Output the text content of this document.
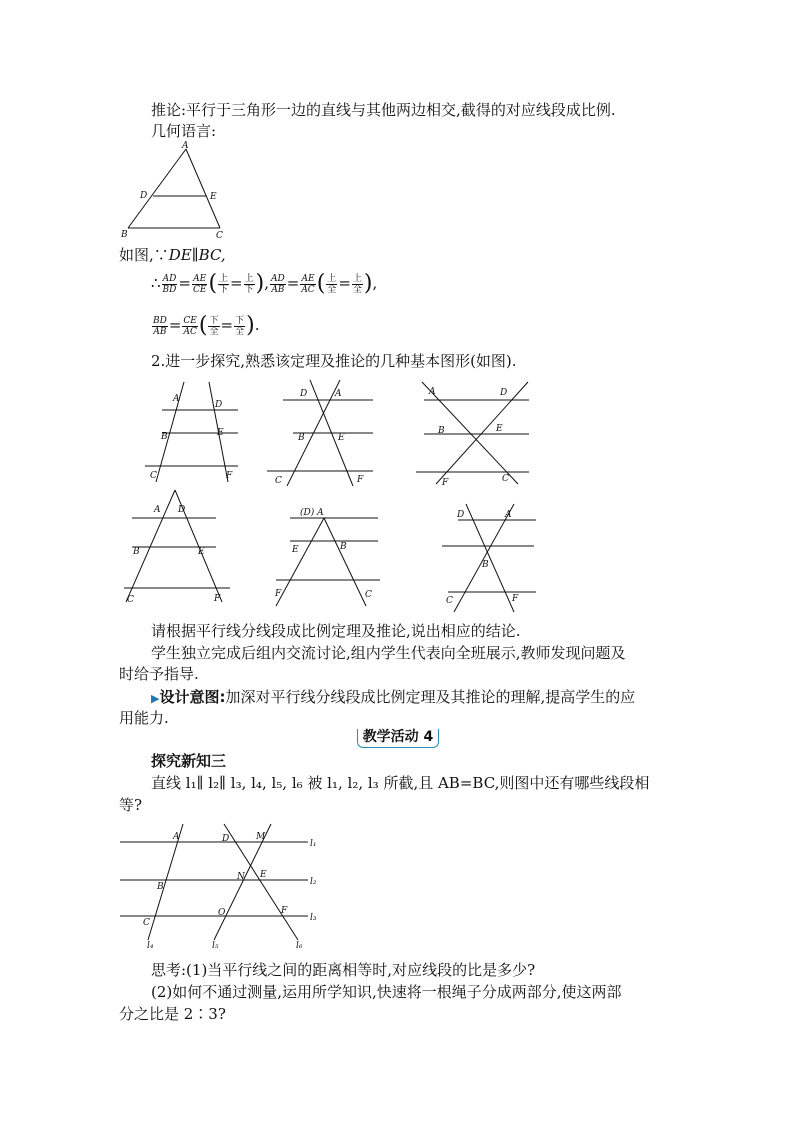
推论:平行于三角形一边的直线与其他两边相交,截得的对应线段成比例.
几何语言:
A
D	E
B	C
如图,∵DE∥BC,
∴ $\frac{AD}{BD} = \frac{AE}{CE}$ ( $\frac{\text{上}}{\text{下}} = \frac{\text{上}}{\text{下}}$ ), $\frac{AD}{AB} = \frac{AE}{AC}$ ( $\frac{\text{上}}{\text{全}} = \frac{\text{上}}{\text{全}}$ ),
$\frac{BD}{AB} = \frac{CE}{AC}$ ( $\frac{\text{下}}{\text{全}} = \frac{\text{下}}{\text{全}}$ ).
2.进一步探究,熟悉该定理及推论的几种基本图形(如图).
A
D
B	E
C	F
D	A
B	E
C	F
A	D
B	E
F	C
A D
B	E
C	F
(D) A
E	B
F	C
D	A
B
C	F
请根据平行线分线段成比例定理及推论,说出相应的结论.
学生独立完成后组内交流讨论,组内学生代表向全班展示,教师发现问题及
时给予指导.
▶设计意图:加深对平行线分线段成比例定理及其推论的理解,提高学生的应
用能力.
教学活动 4
探究新知三
直线 l₁∥ l₂∥ l₃, l₄, l₅, l₆ 被 l₁, l₂, l₃ 所截,且 AB=BC,则图中还有哪些线段相
等?
A	D	M
B
N E
C
O	F
l₁
l₂
l₃
l₄	l₅	l₆
思考:(1)当平行线之间的距离相等时,对应线段的比是多少?
(2)如何不通过测量,运用所学知识,快速将一根绳子分成两部分,使这两部
分之比是 2∶3?
